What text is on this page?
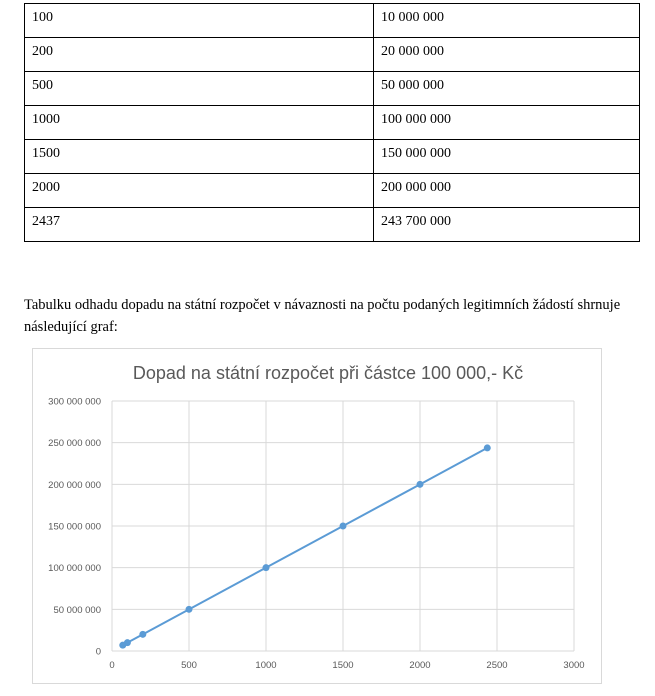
100	10 000 000
200	20 000 000
500	50 000 000
1000	100 000 000
1500	150 000 000
2000	200 000 000
2437	243 700 000

Tabulku odhadu dopadu na státní rozpočet v návaznosti na počtu podaných legitimních žádostí shrnuje následující graf:

Dopad na státní rozpočet při částce 100 000,- Kč
0
50 000 000
100 000 000
150 000 000
200 000 000
250 000 000
300 000 000
0	500	1000	1500	2000	2500	3000
